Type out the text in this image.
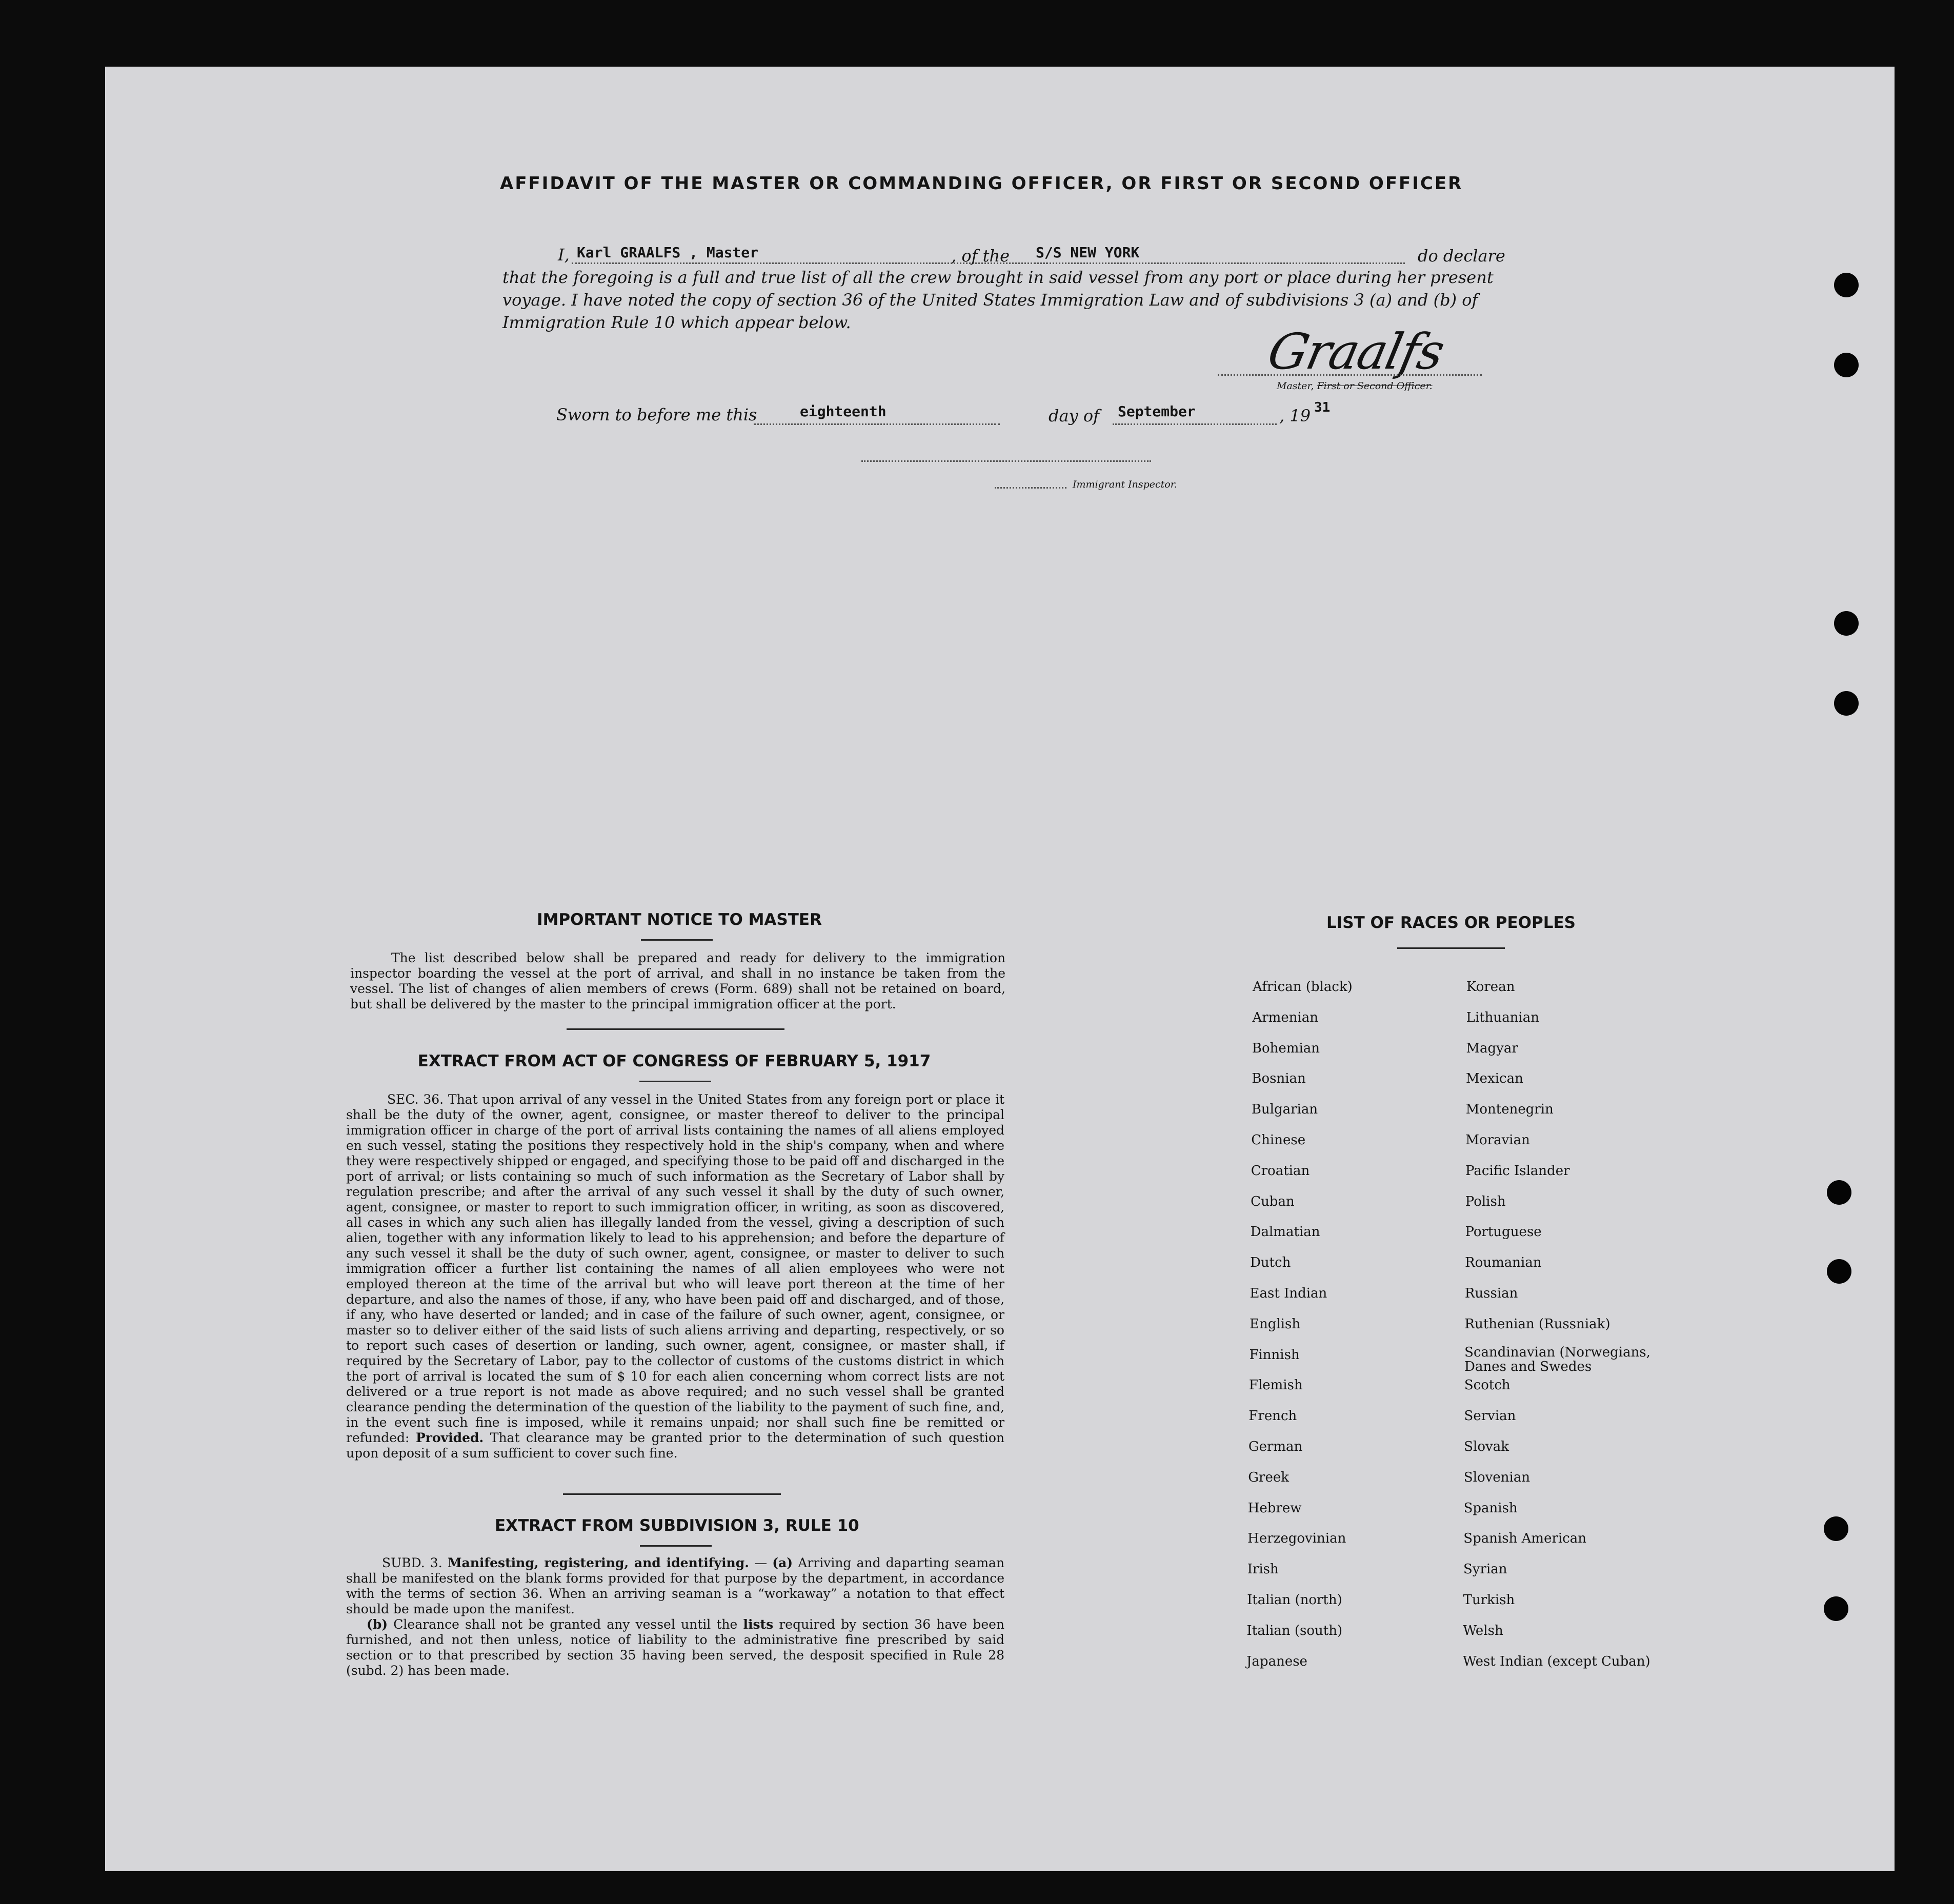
AFFIDAVIT OF THE MASTER OR COMMANDING OFFICER, OR FIRST OR SECOND OFFICER
I, Karl GRAALFS , Master	, of the S/S NEW YORK	do declare
that the foregoing is a full and true list of all the crew brought in said vessel from any port or place during her present
voyage. I have noted the copy of section 36 of the United States Immigration Law and of subdivisions 3 (a) and (b) of
Immigration Rule 10 which appear below.
Graalfs
Master, First or Second Officer.
Sworn to before me this	eighteenth	day of September	, 19 31
Immigrant Inspector.
IMPORTANT NOTICE TO MASTER
The list described below shall be prepared and ready for delivery to the immigration inspector boarding the vessel at the port of arrival, and shall in no instance be taken from the vessel. The list of changes of alien members of crews (Form. 689) shall not be retained on board, but shall be delivered by the master to the principal immigration officer at the port.
EXTRACT FROM ACT OF CONGRESS OF FEBRUARY 5, 1917
SEC. 36. That upon arrival of any vessel in the United States from any foreign port or place it shall be the duty of the owner, agent, consignee, or master thereof to deliver to the principal immigration officer in charge of the port of arrival lists containing the names of all aliens employed en such vessel, stating the positions they respectively hold in the ship's company, when and where they were respectively shipped or engaged, and specifying those to be paid off and discharged in the port of arrival; or lists containing so much of such information as the Secretary of Labor shall by regulation prescribe; and after the arrival of any such vessel it shall by the duty of such owner, agent, consignee, or master to report to such immigration officer, in writing, as soon as discovered, all cases in which any such alien has illegally landed from the vessel, giving a description of such alien, together with any information likely to lead to his apprehension; and before the departure of any such vessel it shall be the duty of such owner, agent, consignee, or master to deliver to such immigration officer a further list containing the names of all alien employees who were not employed thereon at the time of the arrival but who will leave port thereon at the time of her departure, and also the names of those, if any, who have been paid off and discharged, and of those, if any, who have deserted or landed; and in case of the failure of such owner, agent, consignee, or master so to deliver either of the said lists of such aliens arriving and departing, respectively, or so to report such cases of desertion or landing, such owner, agent, consignee, or master shall, if required by the Secretary of Labor, pay to the collector of customs of the customs district in which the port of arrival is located the sum of $ 10 for each alien concerning whom correct lists are not delivered or a true report is not made as above required; and no such vessel shall be granted clearance pending the determination of the question of the liability to the payment of such fine, and, in the event such fine is imposed, while it remains unpaid; nor shall such fine be remitted or refunded: Provided. That clearance may be granted prior to the determination of such question upon deposit of a sum sufficient to cover such fine.
EXTRACT FROM SUBDIVISION 3, RULE 10

SUBD. 3. Manifesting, registering, and identifying. — (a) Arriving and daparting seaman shall be manifested on the blank forms provided for that purpose by the department, in accordance with the terms of section 36. When an arriving seaman is a “workaway” a notation to that effect should be made upon the manifest.

(b) Clearance shall not be granted any vessel until the lists required by section 36 have been furnished, and not then unless, notice of liability to the administrative fine prescribed by said section or to that prescribed by section 35 having been served, the desposit specified in Rule 28 (subd. 2) has been made.

LIST OF RACES OR PEOPLES
African (black)
Armenian
Bohemian
Bosnian
Bulgarian
Chinese
Croatian
Cuban
Dalmatian
Dutch
East Indian
English
Finnish
Flemish
French
German
Greek
Hebrew
Herzegovinian
Irish
Italian (north)
Italian (south)
Japanese
Korean
Lithuanian
Magyar
Mexican
Montenegrin
Moravian
Pacific Islander
Polish
Portuguese
Roumanian
Russian
Ruthenian (Russniak)
Scandinavian (Norwegians, Danes and Swedes
Scotch
Servian
Slovak
Slovenian
Spanish
Spanish American
Syrian
Turkish
Welsh
West Indian (except Cuban)
